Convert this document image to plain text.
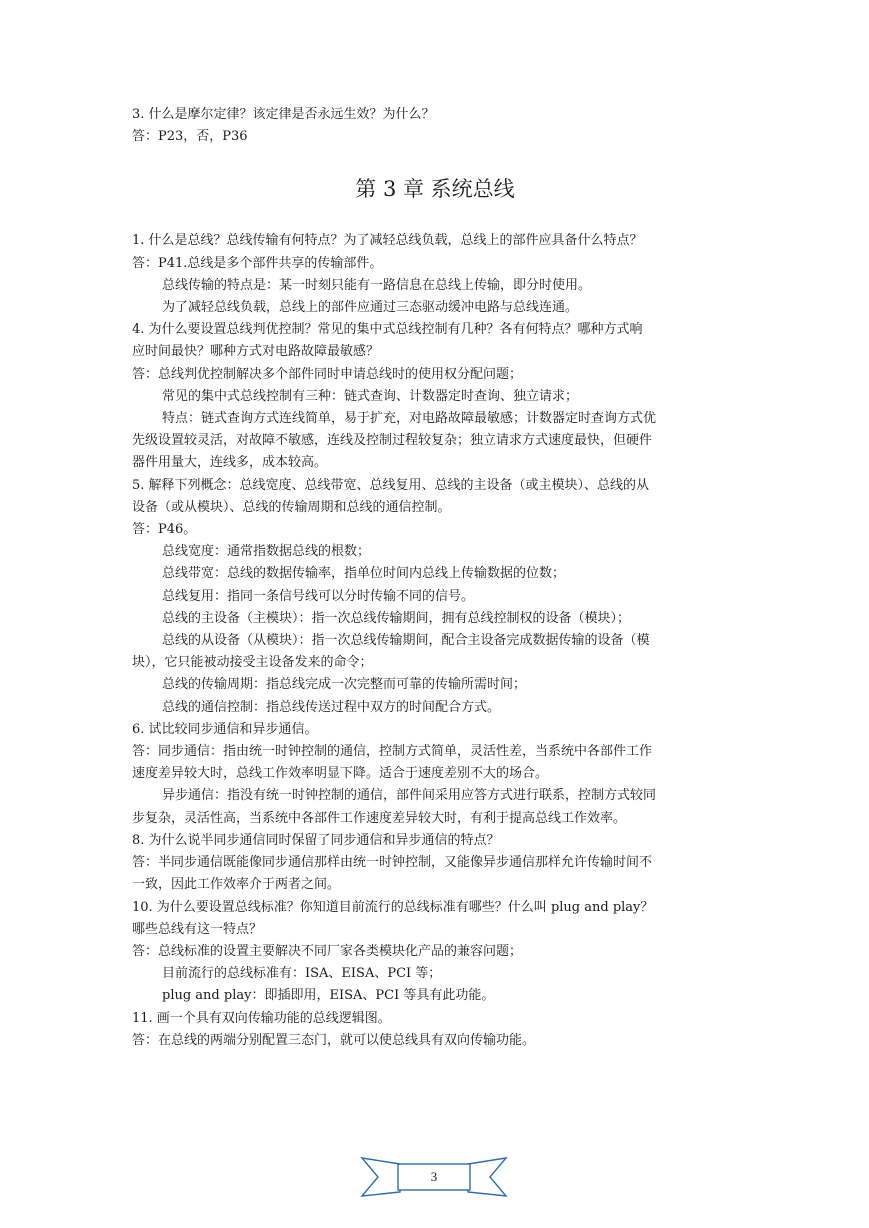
3. 什么是摩尔定律？该定律是否永远生效？为什么？
答：P23，否，P36
第 3 章 系统总线
1. 什么是总线？总线传输有何特点？为了减轻总线负载，总线上的部件应具备什么特点？
答：P41.总线是多个部件共享的传输部件。
总线传输的特点是：某一时刻只能有一路信息在总线上传输，即分时使用。
为了减轻总线负载，总线上的部件应通过三态驱动缓冲电路与总线连通。
4. 为什么要设置总线判优控制？常见的集中式总线控制有几种？各有何特点？哪种方式响
应时间最快？哪种方式对电路故障最敏感？
答：总线判优控制解决多个部件同时申请总线时的使用权分配问题；
常见的集中式总线控制有三种：链式查询、计数器定时查询、独立请求；
特点：链式查询方式连线简单，易于扩充，对电路故障最敏感；计数器定时查询方式优
先级设置较灵活，对故障不敏感，连线及控制过程较复杂；独立请求方式速度最快，但硬件
器件用量大，连线多，成本较高。
5. 解释下列概念：总线宽度、总线带宽、总线复用、总线的主设备（或主模块）、总线的从
设备（或从模块）、总线的传输周期和总线的通信控制。
答：P46。
总线宽度：通常指数据总线的根数；
总线带宽：总线的数据传输率，指单位时间内总线上传输数据的位数；
总线复用：指同一条信号线可以分时传输不同的信号。
总线的主设备（主模块）：指一次总线传输期间，拥有总线控制权的设备（模块）；
总线的从设备（从模块）：指一次总线传输期间，配合主设备完成数据传输的设备（模
块），它只能被动接受主设备发来的命令；
总线的传输周期：指总线完成一次完整而可靠的传输所需时间；
总线的通信控制：指总线传送过程中双方的时间配合方式。
6. 试比较同步通信和异步通信。
答：同步通信：指由统一时钟控制的通信，控制方式简单，灵活性差，当系统中各部件工作
速度差异较大时，总线工作效率明显下降。适合于速度差别不大的场合。
异步通信：指没有统一时钟控制的通信，部件间采用应答方式进行联系，控制方式较同
步复杂，灵活性高，当系统中各部件工作速度差异较大时，有利于提高总线工作效率。
8. 为什么说半同步通信同时保留了同步通信和异步通信的特点？
答：半同步通信既能像同步通信那样由统一时钟控制，又能像异步通信那样允许传输时间不
一致，因此工作效率介于两者之间。
10. 为什么要设置总线标准？你知道目前流行的总线标准有哪些？什么叫 plug and play？
哪些总线有这一特点？
答：总线标准的设置主要解决不同厂家各类模块化产品的兼容问题；
目前流行的总线标准有：ISA、EISA、PCI 等；
plug and play：即插即用，EISA、PCI 等具有此功能。
11. 画一个具有双向传输功能的总线逻辑图。
答：在总线的两端分别配置三态门，就可以使总线具有双向传输功能。
3
